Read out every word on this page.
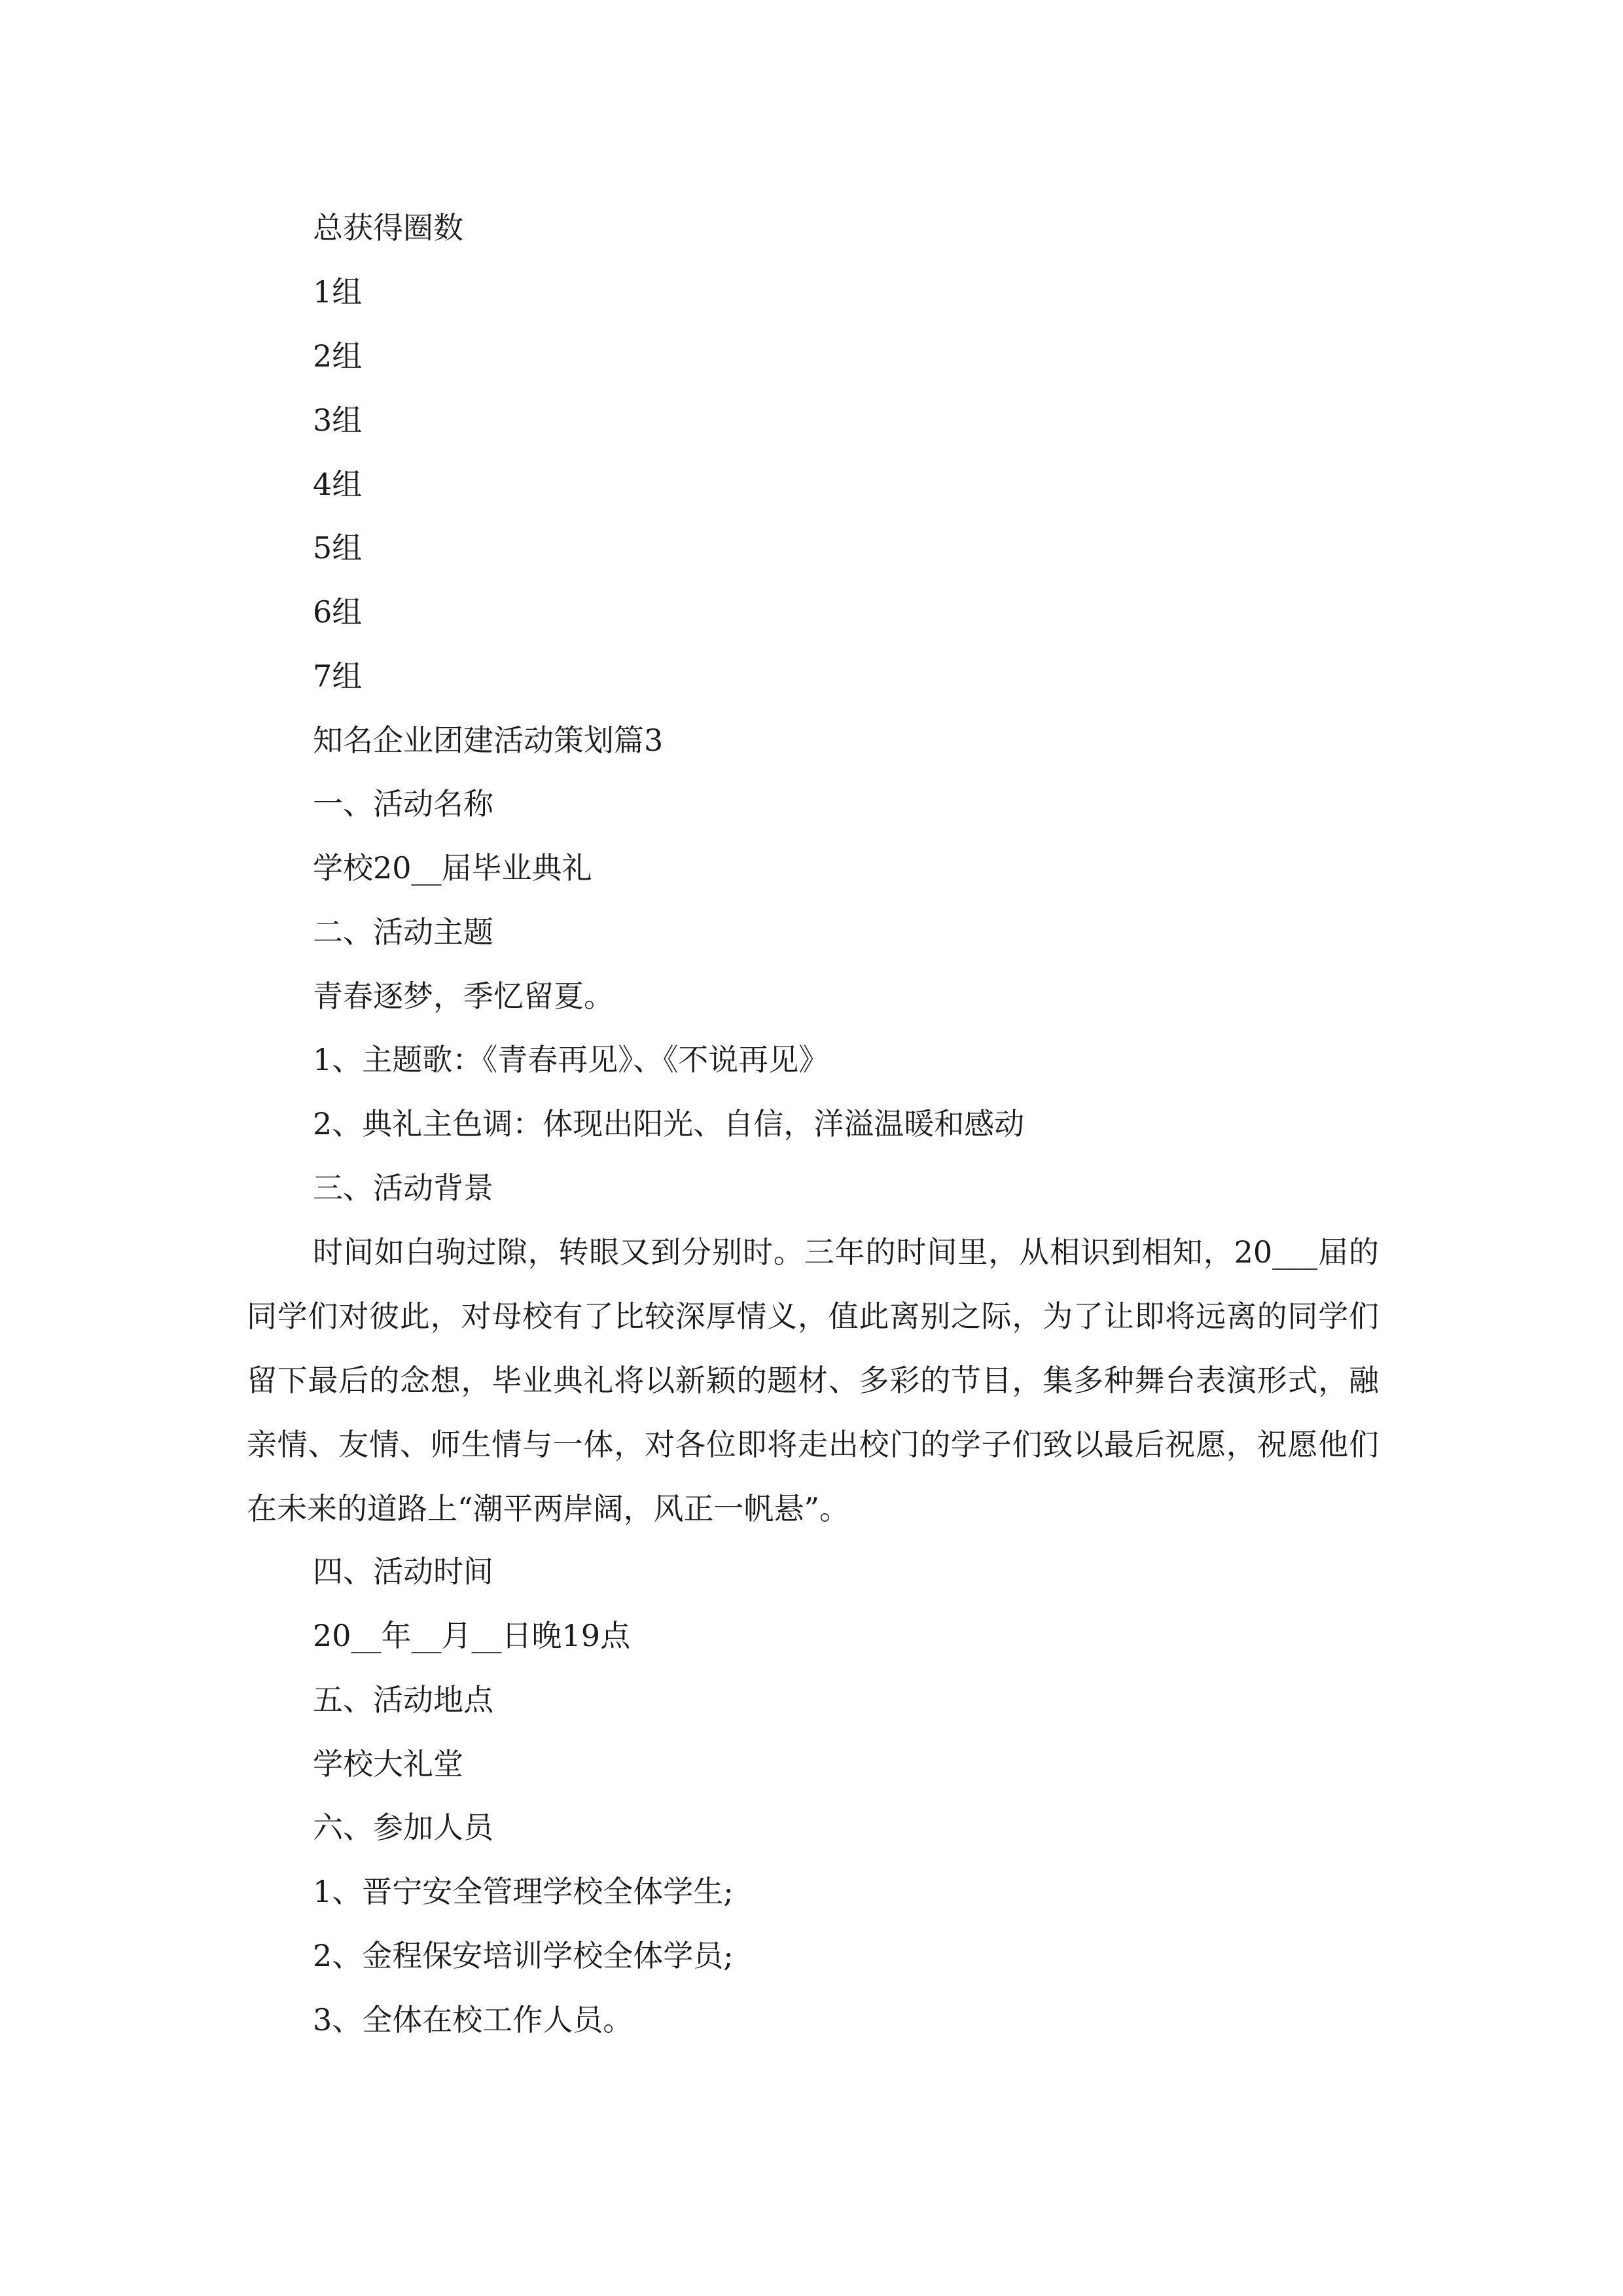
总获得圈数
1组
2组
3组
4组
5组
6组
7组
知名企业团建活动策划篇3
一、活动名称
学校20__届毕业典礼
二、活动主题
青春逐梦，季忆留夏。
1、主题歌：《青春再见》、《不说再见》
2、典礼主色调：体现出阳光、自信，洋溢温暖和感动
三、活动背景
时间如白驹过隙，转眼又到分别时。三年的时间里，从相识到相知，20___届的同学们对彼此，对母校有了比较深厚情义，值此离别之际，为了让即将远离的同学们留下最后的念想，毕业典礼将以新颖的题材、多彩的节目，集多种舞台表演形式，融亲情、友情、师生情与一体，对各位即将走出校门的学子们致以最后祝愿，祝愿他们在未来的道路上“潮平两岸阔，风正一帆悬”。
四、活动时间
20__年__月__日晚19点
五、活动地点
学校大礼堂
六、参加人员
1、晋宁安全管理学校全体学生;
2、金程保安培训学校全体学员;
3、全体在校工作人员。
